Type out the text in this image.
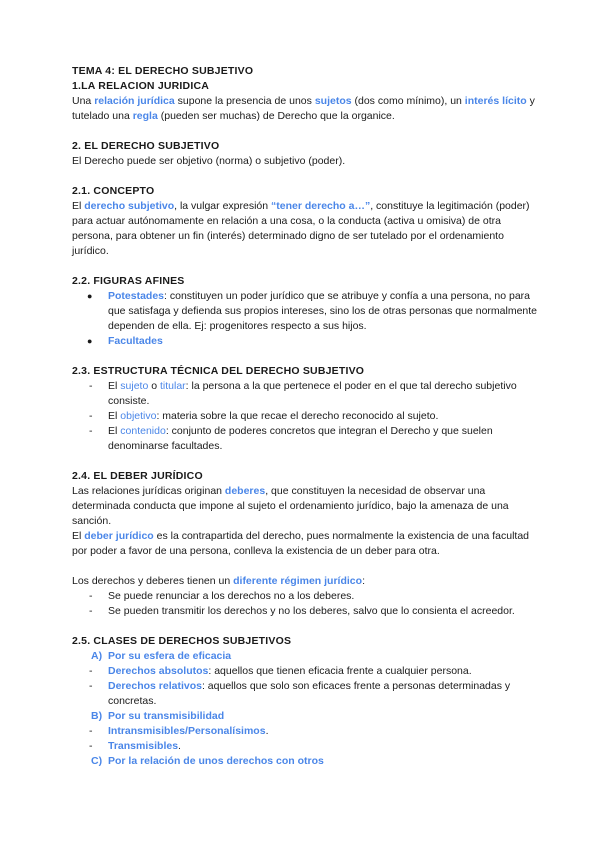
TEMA 4: EL DERECHO SUBJETIVO
1.LA RELACION JURIDICA

Una relación jurídica supone la presencia de unos sujetos (dos como mínimo), un interés lícito y tutelado una regla (pueden ser muchas) de Derecho que la organice.

2. EL DERECHO SUBJETIVO

El Derecho puede ser objetivo (norma) o subjetivo (poder).

2.1. CONCEPTO

El derecho subjetivo, la vulgar expresión “tener derecho a…”, constituye la legitimación (poder) para actuar autónomamente en relación a una cosa, o la conducta (activa u omisiva) de otra persona, para obtener un fin (interés) determinado digno de ser tutelado por el ordenamiento jurídico.

2.2. FIGURAS AFINES
● Potestades: constituyen un poder jurídico que se atribuye y confía a una persona, no para que satisfaga y defienda sus propios intereses, sino los de otras personas que normalmente dependen de ella. Ej: progenitores respecto a sus hijos.
● Facultades
2.3. ESTRUCTURA TÉCNICA DEL DERECHO SUBJETIVO
- El sujeto o titular: la persona a la que pertenece el poder en el que tal derecho subjetivo consiste.
- El objetivo: materia sobre la que recae el derecho reconocido al sujeto.
- El contenido: conjunto de poderes concretos que integran el Derecho y que suelen denominarse facultades.
2.4. EL DEBER JURÍDICO

Las relaciones jurídicas originan deberes, que constituyen la necesidad de observar una determinada conducta que impone al sujeto el ordenamiento jurídico, bajo la amenaza de una sanción.

El deber jurídico es la contrapartida del derecho, pues normalmente la existencia de una facultad por poder a favor de una persona, conlleva la existencia de un deber para otra.

Los derechos y deberes tienen un diferente régimen jurídico:

- Se puede renunciar a los derechos no a los deberes.
- Se pueden transmitir los derechos y no los deberes, salvo que lo consienta el acreedor.
2.5. CLASES DE DERECHOS SUBJETIVOS
A) Por su esfera de eficacia
- Derechos absolutos: aquellos que tienen eficacia frente a cualquier persona.
- Derechos relativos: aquellos que solo son eficaces frente a personas determinadas y concretas.
B) Por su transmisibilidad
- Intransmisibles/Personalísimos.
- Transmisibles.
C) Por la relación de unos derechos con otros
